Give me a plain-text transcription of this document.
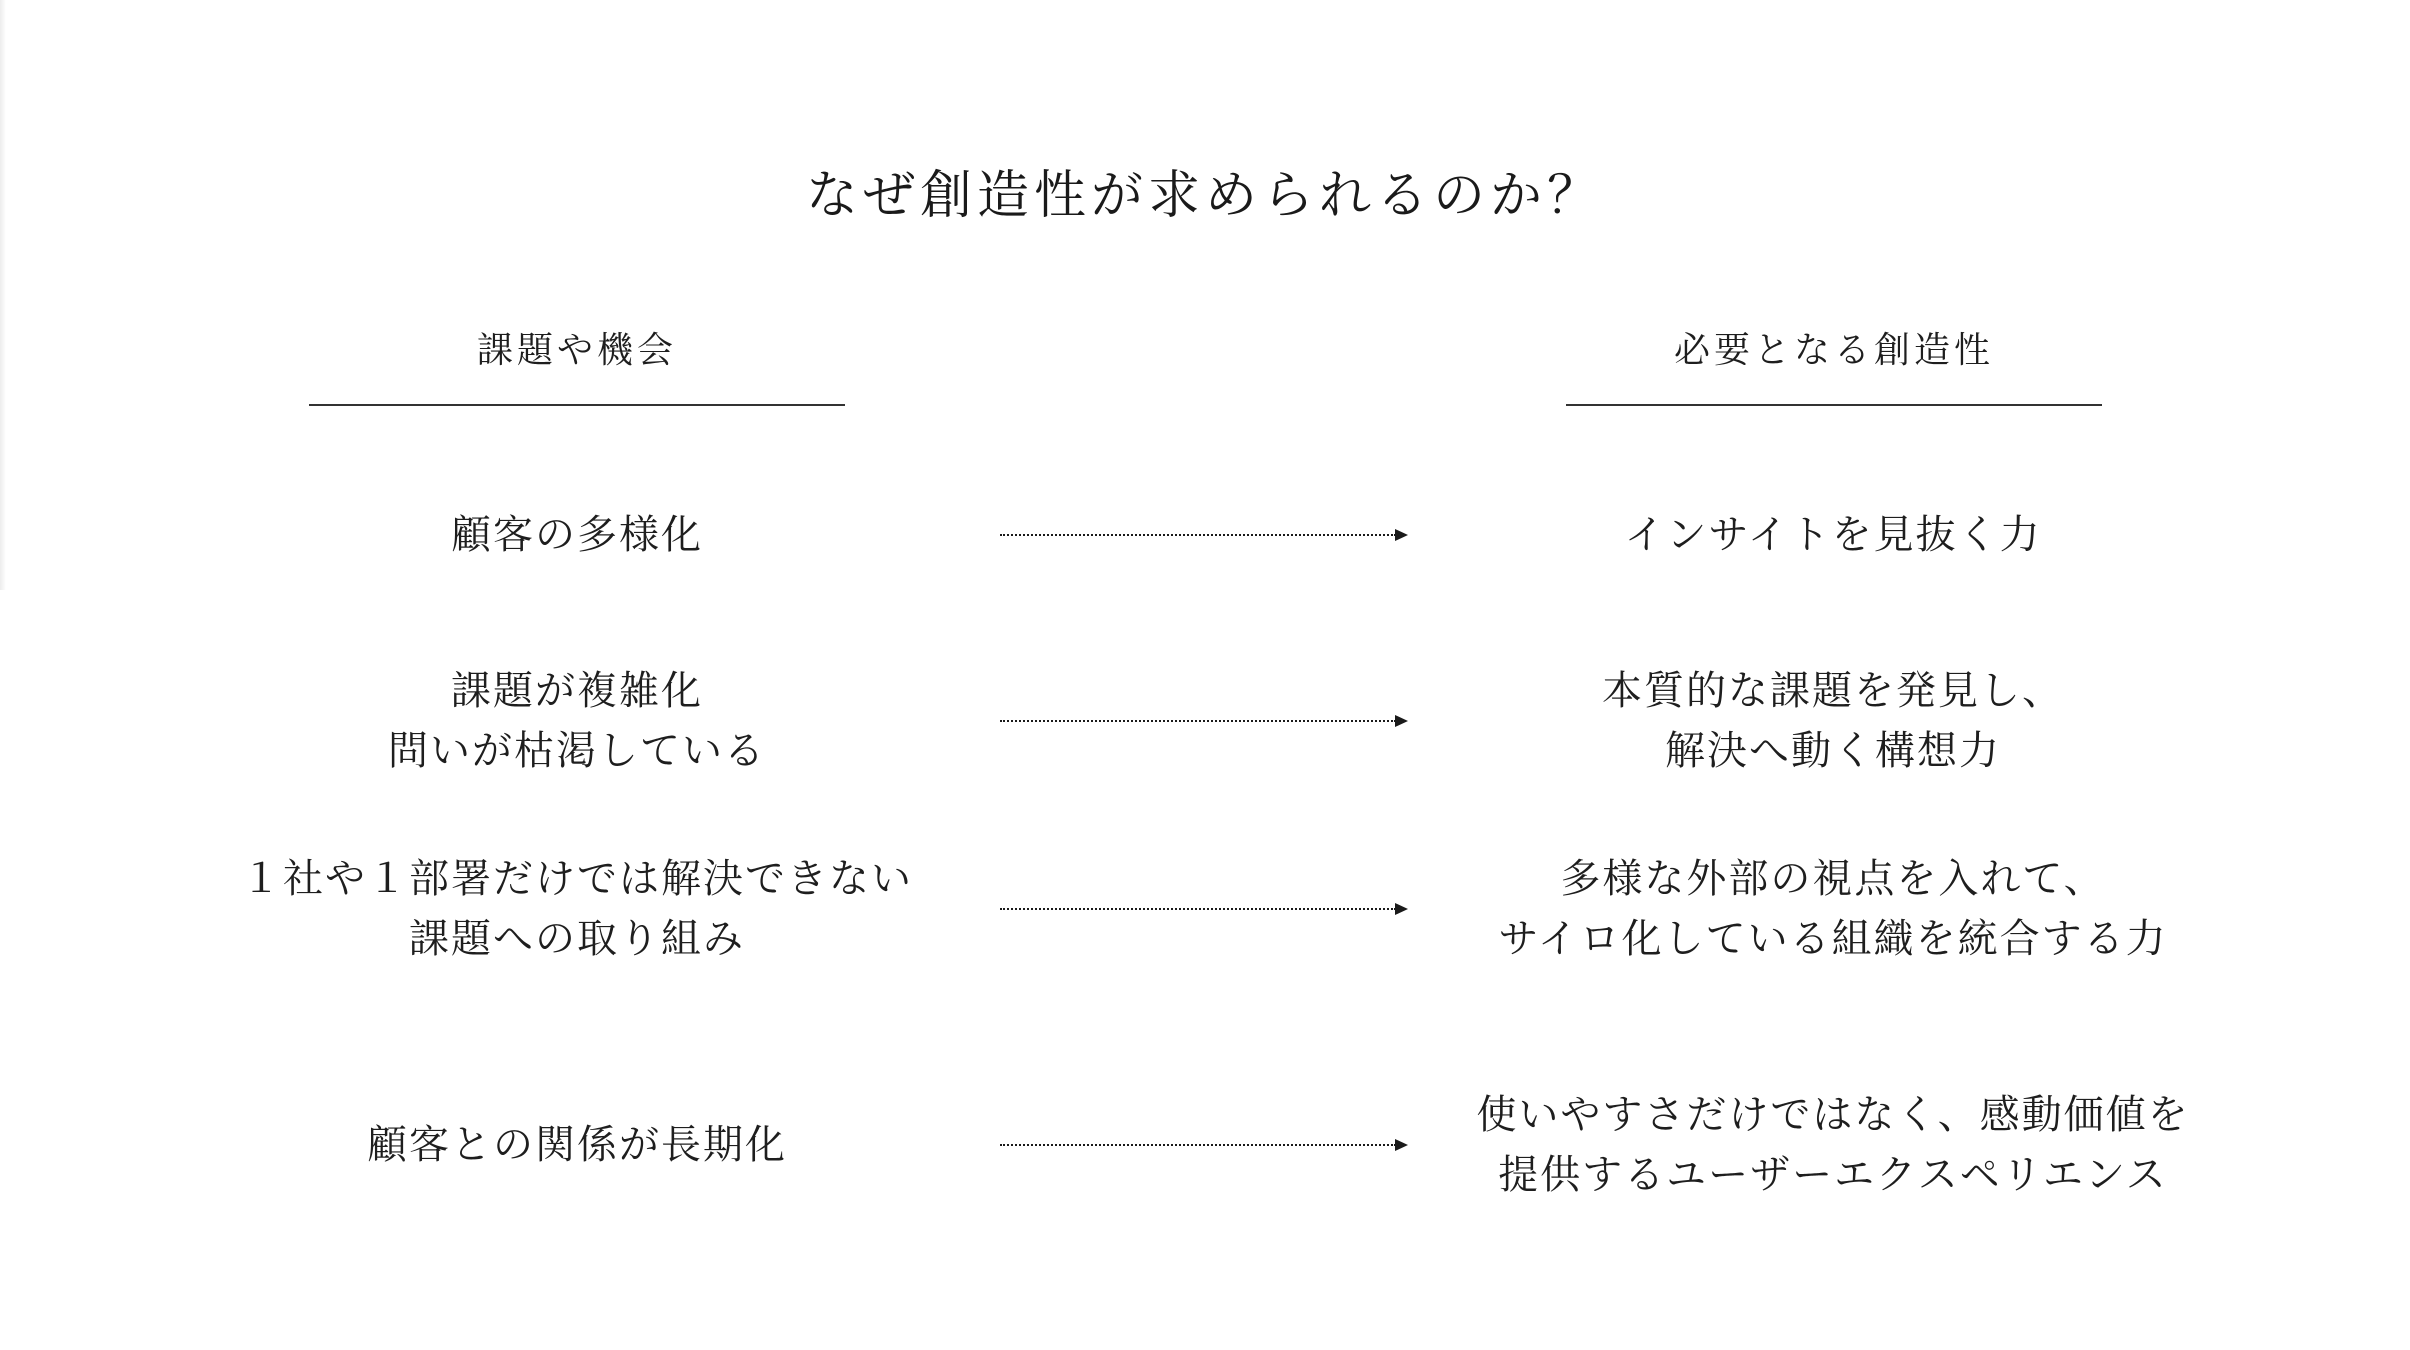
なぜ創造性が求められるのか？
課題や機会	必要となる創造性
顧客の多様化	インサイトを見抜く力
課題が複雑化
問いが枯渇している
本質的な課題を発見し、
解決へ動く構想力
１社や１部署だけでは解決できない
課題への取り組み
多様な外部の視点を入れて、
サイロ化している組織を統合する力
顧客との関係が長期化
使いやすさだけではなく、感動価値を
提供するユーザーエクスペリエンス
